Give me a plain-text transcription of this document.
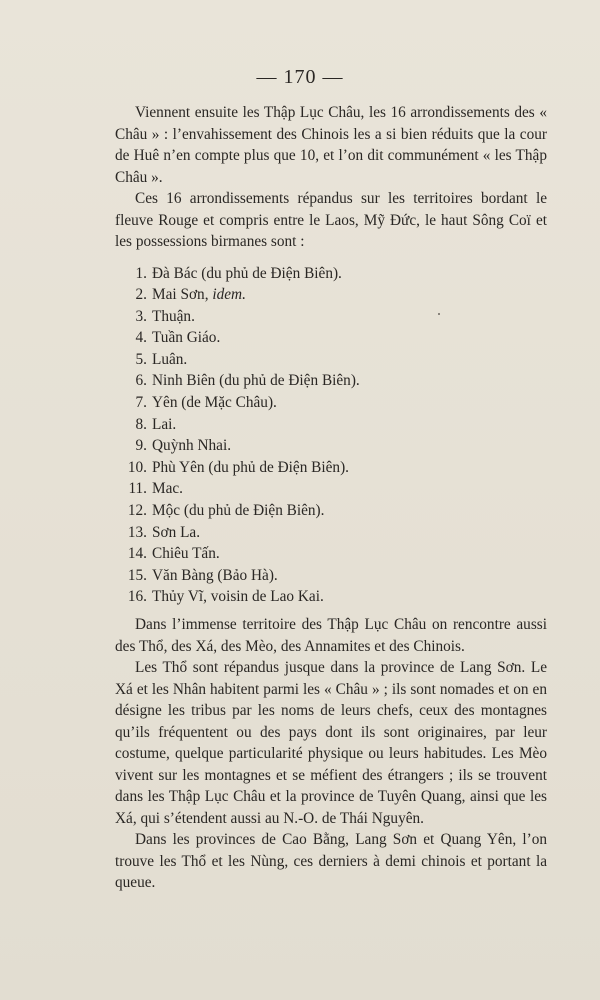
— 170 —

Viennent ensuite les Thập Lục Châu, les 16 arrondissements des « Châu » : l’envahissement des Chinois les a si bien réduits que la cour de Huê n’en compte plus que 10, et l’on dit communément « les Thập Châu ».

Ces 16 arrondissements répandus sur les territoires bordant le fleuve Rouge et compris entre le Laos, Mỹ Đức, le haut Sông Coï et les possessions birmanes sont :

1. Đà Bác (du phủ de Điện Biên).
2. Mai Sơn, idem.
3. Thuận.
4. Tuần Giáo.
5. Luân.
6. Ninh Biên (du phủ de Điện Biên).
7. Yên (de Mặc Châu).
8. Lai.
9. Quỳnh Nhai.
10. Phù Yên (du phủ de Điện Biên).
11. Mac.
12. Mộc (du phủ de Điện Biên).
13. Sơn La.
14. Chiêu Tấn.
15. Văn Bàng (Bảo Hà).
16. Thủy Vĩ, voisin de Lao Kai.

Dans l’immense territoire des Thập Lục Châu on rencontre aussi des Thổ, des Xá, des Mèo, des Annamites et des Chinois.

Les Thổ sont répandus jusque dans la province de Lang Sơn. Le Xá et les Nhân habitent parmi les « Châu » ; ils sont nomades et on en désigne les tribus par les noms de leurs chefs, ceux des montagnes qu’ils fréquentent ou des pays dont ils sont originaires, par leur costume, quelque particularité physique ou leurs habitudes. Les Mèo vivent sur les montagnes et se méfient des étrangers ; ils se trouvent dans les Thập Lục Châu et la province de Tuyên Quang, ainsi que les Xá, qui s’étendent aussi au N.-O. de Thái Nguyên.

Dans les provinces de Cao Bằng, Lang Sơn et Quang Yên, l’on trouve les Thổ et les Nùng, ces derniers à demi chinois et portant la queue.
